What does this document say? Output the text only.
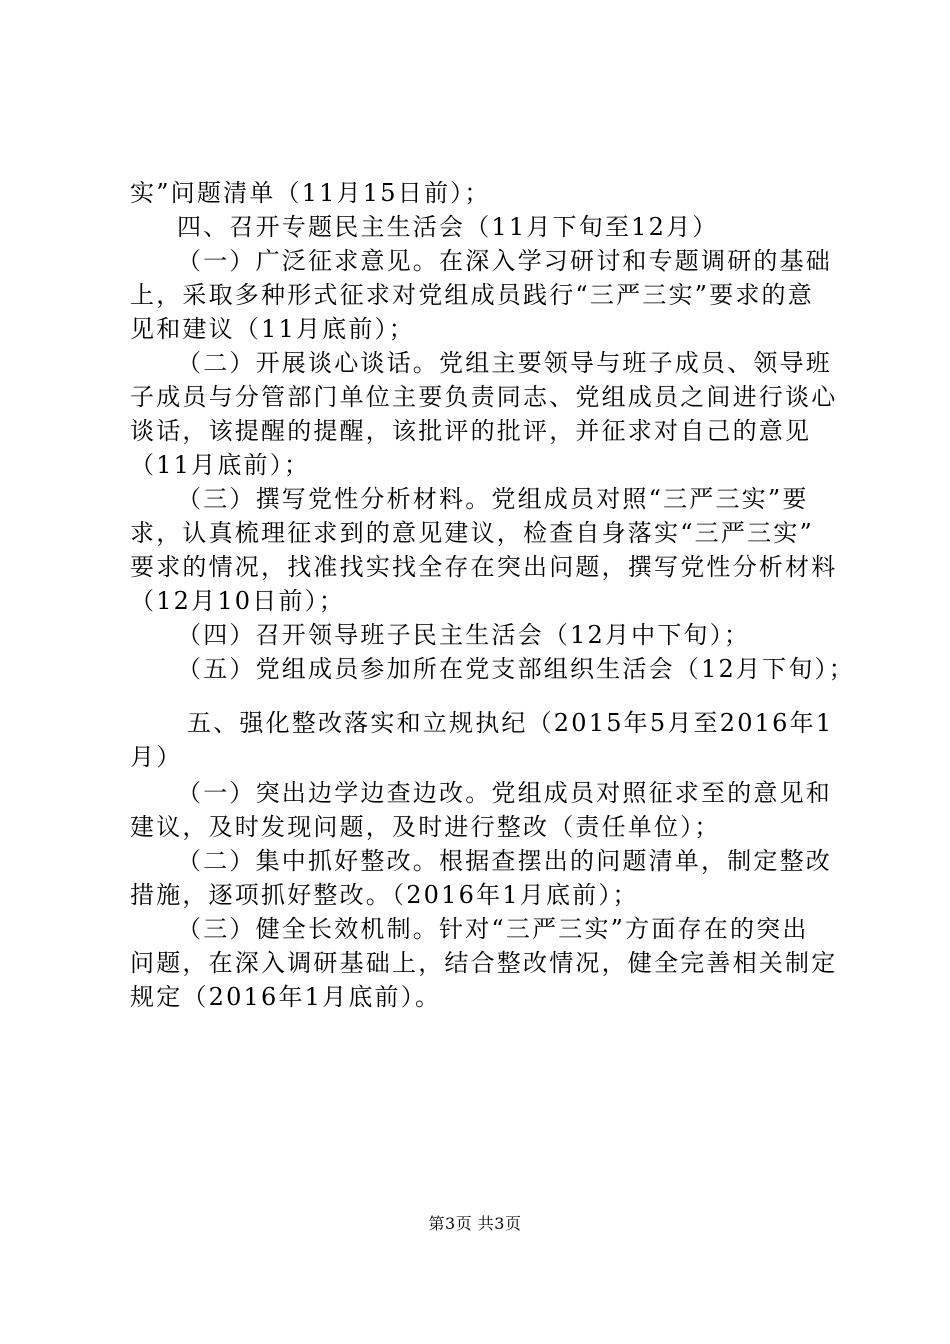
实”问题清单（11月15日前）；
四、召开专题民主生活会（11月下旬至12月）
（一）广泛征求意见。在深入学习研讨和专题调研的基础
上，采取多种形式征求对党组成员践行“三严三实”要求的意
见和建议（11月底前）；
（二）开展谈心谈话。党组主要领导与班子成员、领导班
子成员与分管部门单位主要负责同志、党组成员之间进行谈心
谈话，该提醒的提醒，该批评的批评，并征求对自己的意见
（11月底前）；
（三）撰写党性分析材料。党组成员对照“三严三实”要
求，认真梳理征求到的意见建议，检查自身落实“三严三实”
要求的情况，找准找实找全存在突出问题，撰写党性分析材料
（12月10日前）；
（四）召开领导班子民主生活会（12月中下旬）；
（五）党组成员参加所在党支部组织生活会（12月下旬）；
五、强化整改落实和立规执纪（2015年5月至2016年1
月）
（一）突出边学边查边改。党组成员对照征求至的意见和
建议，及时发现问题，及时进行整改（责任单位）；
（二）集中抓好整改。根据查摆出的问题清单，制定整改
措施，逐项抓好整改。（2016年1月底前）；
（三）健全长效机制。针对“三严三实”方面存在的突出
问题，在深入调研基础上，结合整改情况，健全完善相关制定
规定（2016年1月底前）。
第3页 共3页
